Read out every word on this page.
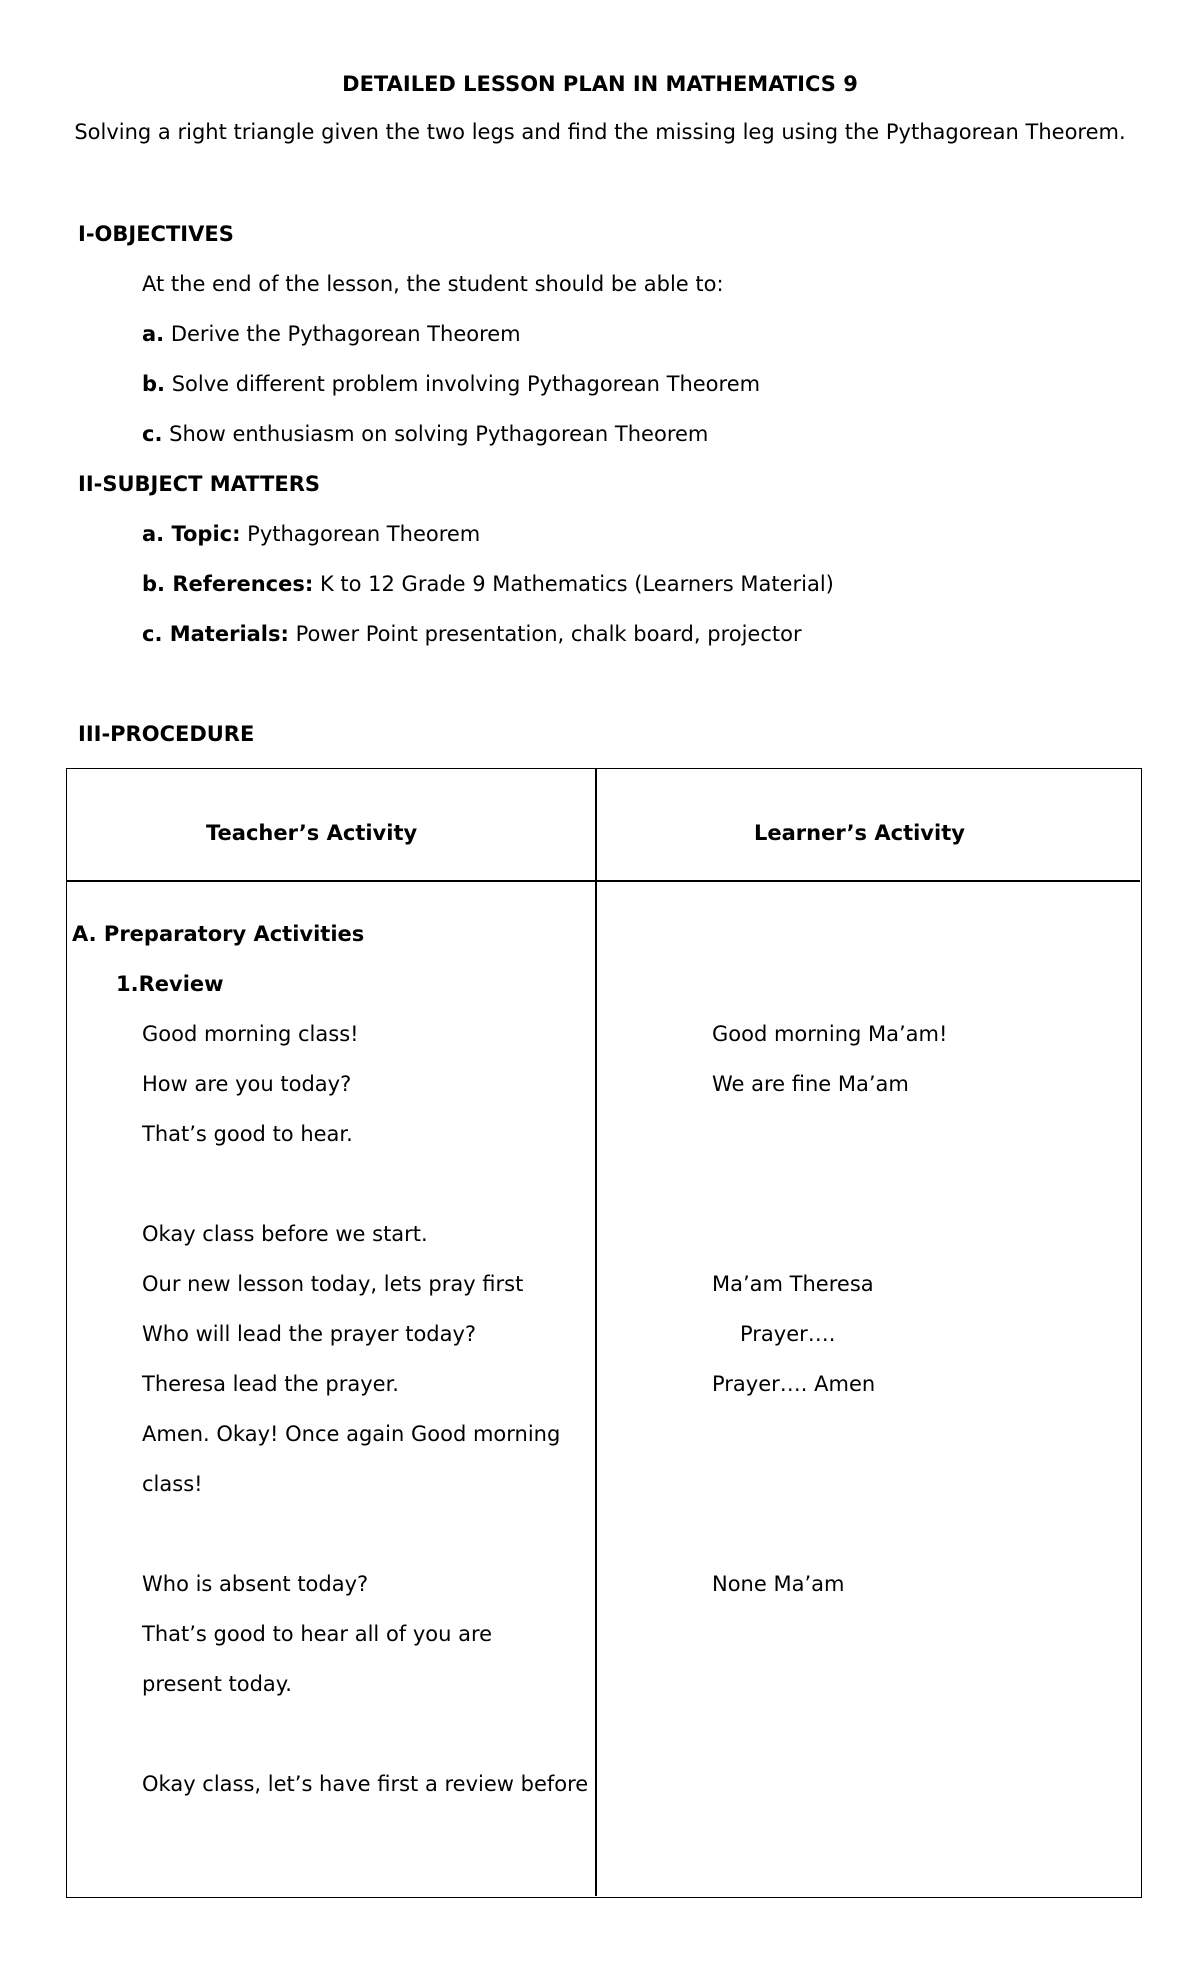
DETAILED LESSON PLAN IN MATHEMATICS 9
Solving a right triangle given the two legs and find the missing leg using the Pythagorean Theorem.
I-OBJECTIVES
At the end of the lesson, the student should be able to:
a. Derive the Pythagorean Theorem
b. Solve different problem involving Pythagorean Theorem
c. Show enthusiasm on solving Pythagorean Theorem
II-SUBJECT MATTERS
a. Topic: Pythagorean Theorem
b. References: K to 12 Grade 9 Mathematics (Learners Material)
c. Materials: Power Point presentation, chalk board, projector
III-PROCEDURE
Teacher’s Activity	Learner’s Activity
A. Preparatory Activities
1.Review
Good morning class!
How are you today?
That’s good to hear.
Okay class before we start.
Our new lesson today, lets pray first
Who will lead the prayer today?
Theresa lead the prayer.
Amen. Okay! Once again Good morning
class!
Who is absent today?
That’s good to hear all of you are
present today.
Okay class, let’s have first a review before
Good morning Ma’am!
We are fine Ma’am
Ma’am Theresa
Prayer….
Prayer…. Amen
None Ma’am
